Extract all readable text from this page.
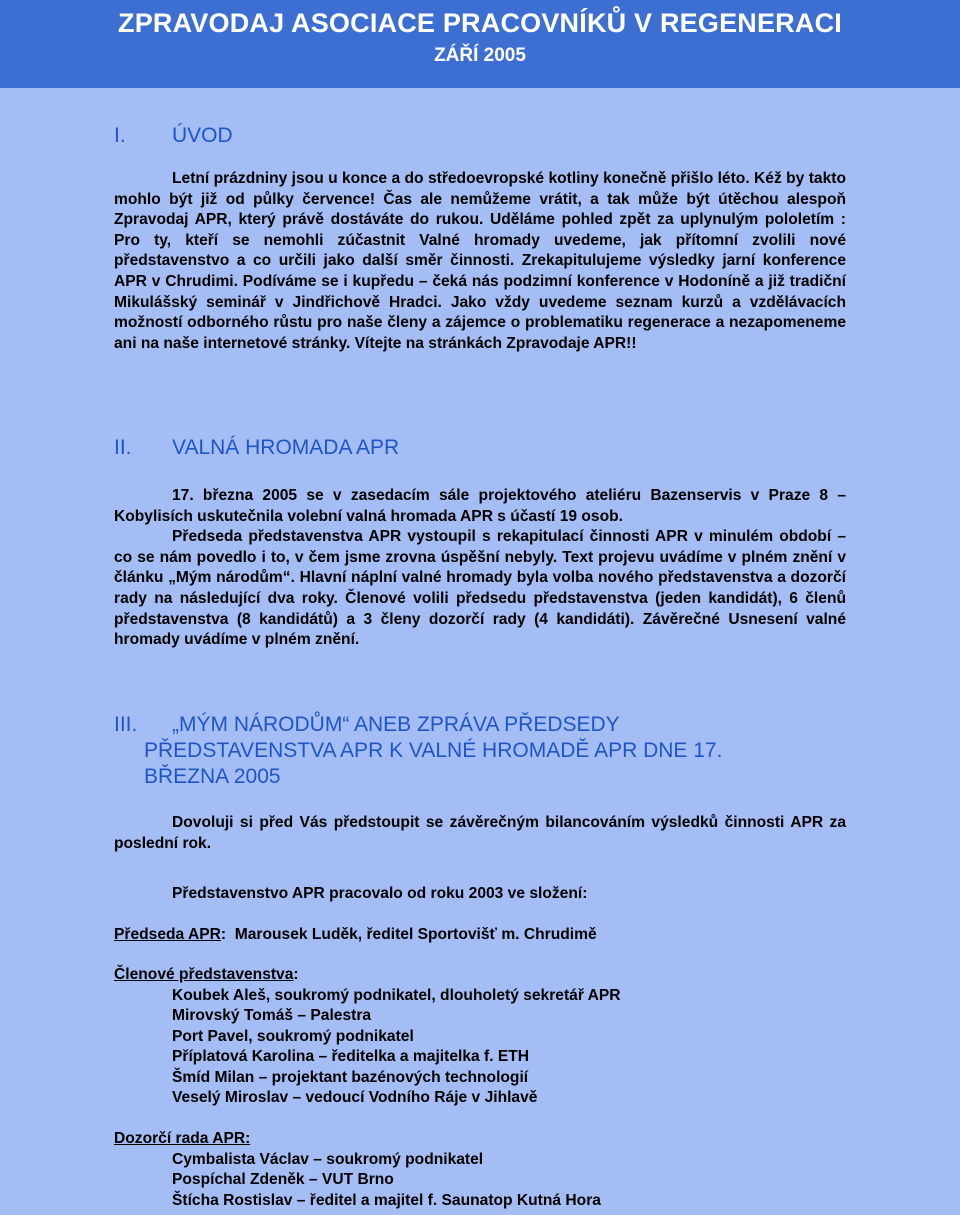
ZPRAVODAJ ASOCIACE PRACOVNÍKŮ V REGENERACI
ZÁŘÍ 2005
I. ÚVOD
Letní prázdniny jsou u konce a do středoevropské kotliny konečně přišlo léto. Kéž by takto mohlo být již od půlky července! Čas ale nemůžeme vrátit, a tak může být útěchou alespoň Zpravodaj APR, který právě dostáváte do rukou. Uděláme pohled zpět za uplynulým pololetím : Pro ty, kteří se nemohli zúčastnit Valné hromady uvedeme, jak přítomní zvolili nové představenstvo a co určili jako další směr činnosti. Zrekapitulujeme výsledky jarní konference APR v Chrudimi. Podíváme se i kupředu – čeká nás podzimní konference v Hodoníně a již tradiční Mikulášský seminář v Jindřichově Hradci. Jako vždy uvedeme seznam kurzů a vzdělávacích možností odborného růstu pro naše členy a zájemce o problematiku regenerace a nezapomeneme ani na naše internetové stránky. Vítejte na stránkách Zpravodaje APR!!
II. VALNÁ HROMADA APR
17. března 2005 se v zasedacím sále projektového ateliéru Bazenservis v Praze 8 – Kobylisích uskutečnila volební valná hromada APR s účastí 19 osob.
Předseda představenstva APR vystoupil s rekapitulací činnosti APR v minulém období – co se nám povedlo i to, v čem jsme zrovna úspěšní nebyly. Text projevu uvádíme v plném znění v článku „Mým národům“. Hlavní náplní valné hromady byla volba nového představenstva a dozorčí rady na následující dva roky. Členové volili předsedu představenstva (jeden kandidát), 6 členů představenstva (8 kandidátů) a 3 členy dozorčí rady (4 kandidáti). Závěrečné Usnesení valné hromady uvádíme v plném znění.
III. „MÝM NÁRODŮM“ ANEB ZPRÁVA PŘEDSEDY
PŘEDSTAVENSTVA APR K VALNÉ HROMADĚ APR DNE 17.
BŘEZNA 2005
Dovoluji si před Vás předstoupit se závěrečným bilancováním výsledků činnosti APR za poslední rok.
Představenstvo APR pracovalo od roku 2003 ve složení:
Předseda APR:  Marousek Luděk, ředitel Sportovišť m. Chrudimě
Členové představenstva:
Koubek Aleš, soukromý podnikatel, dlouholetý sekretář APR
Mirovský Tomáš – Palestra
Port Pavel, soukromý podnikatel
Příplatová Karolina – ředitelka a majitelka f. ETH
Šmíd Milan – projektant bazénových technologií
Veselý Miroslav – vedoucí Vodního Ráje v Jihlavě
Dozorčí rada APR:
Cymbalista Václav – soukromý podnikatel
Pospíchal Zdeněk – VUT Brno
Štícha Rostislav – ředitel a majitel f. Saunatop Kutná Hora
